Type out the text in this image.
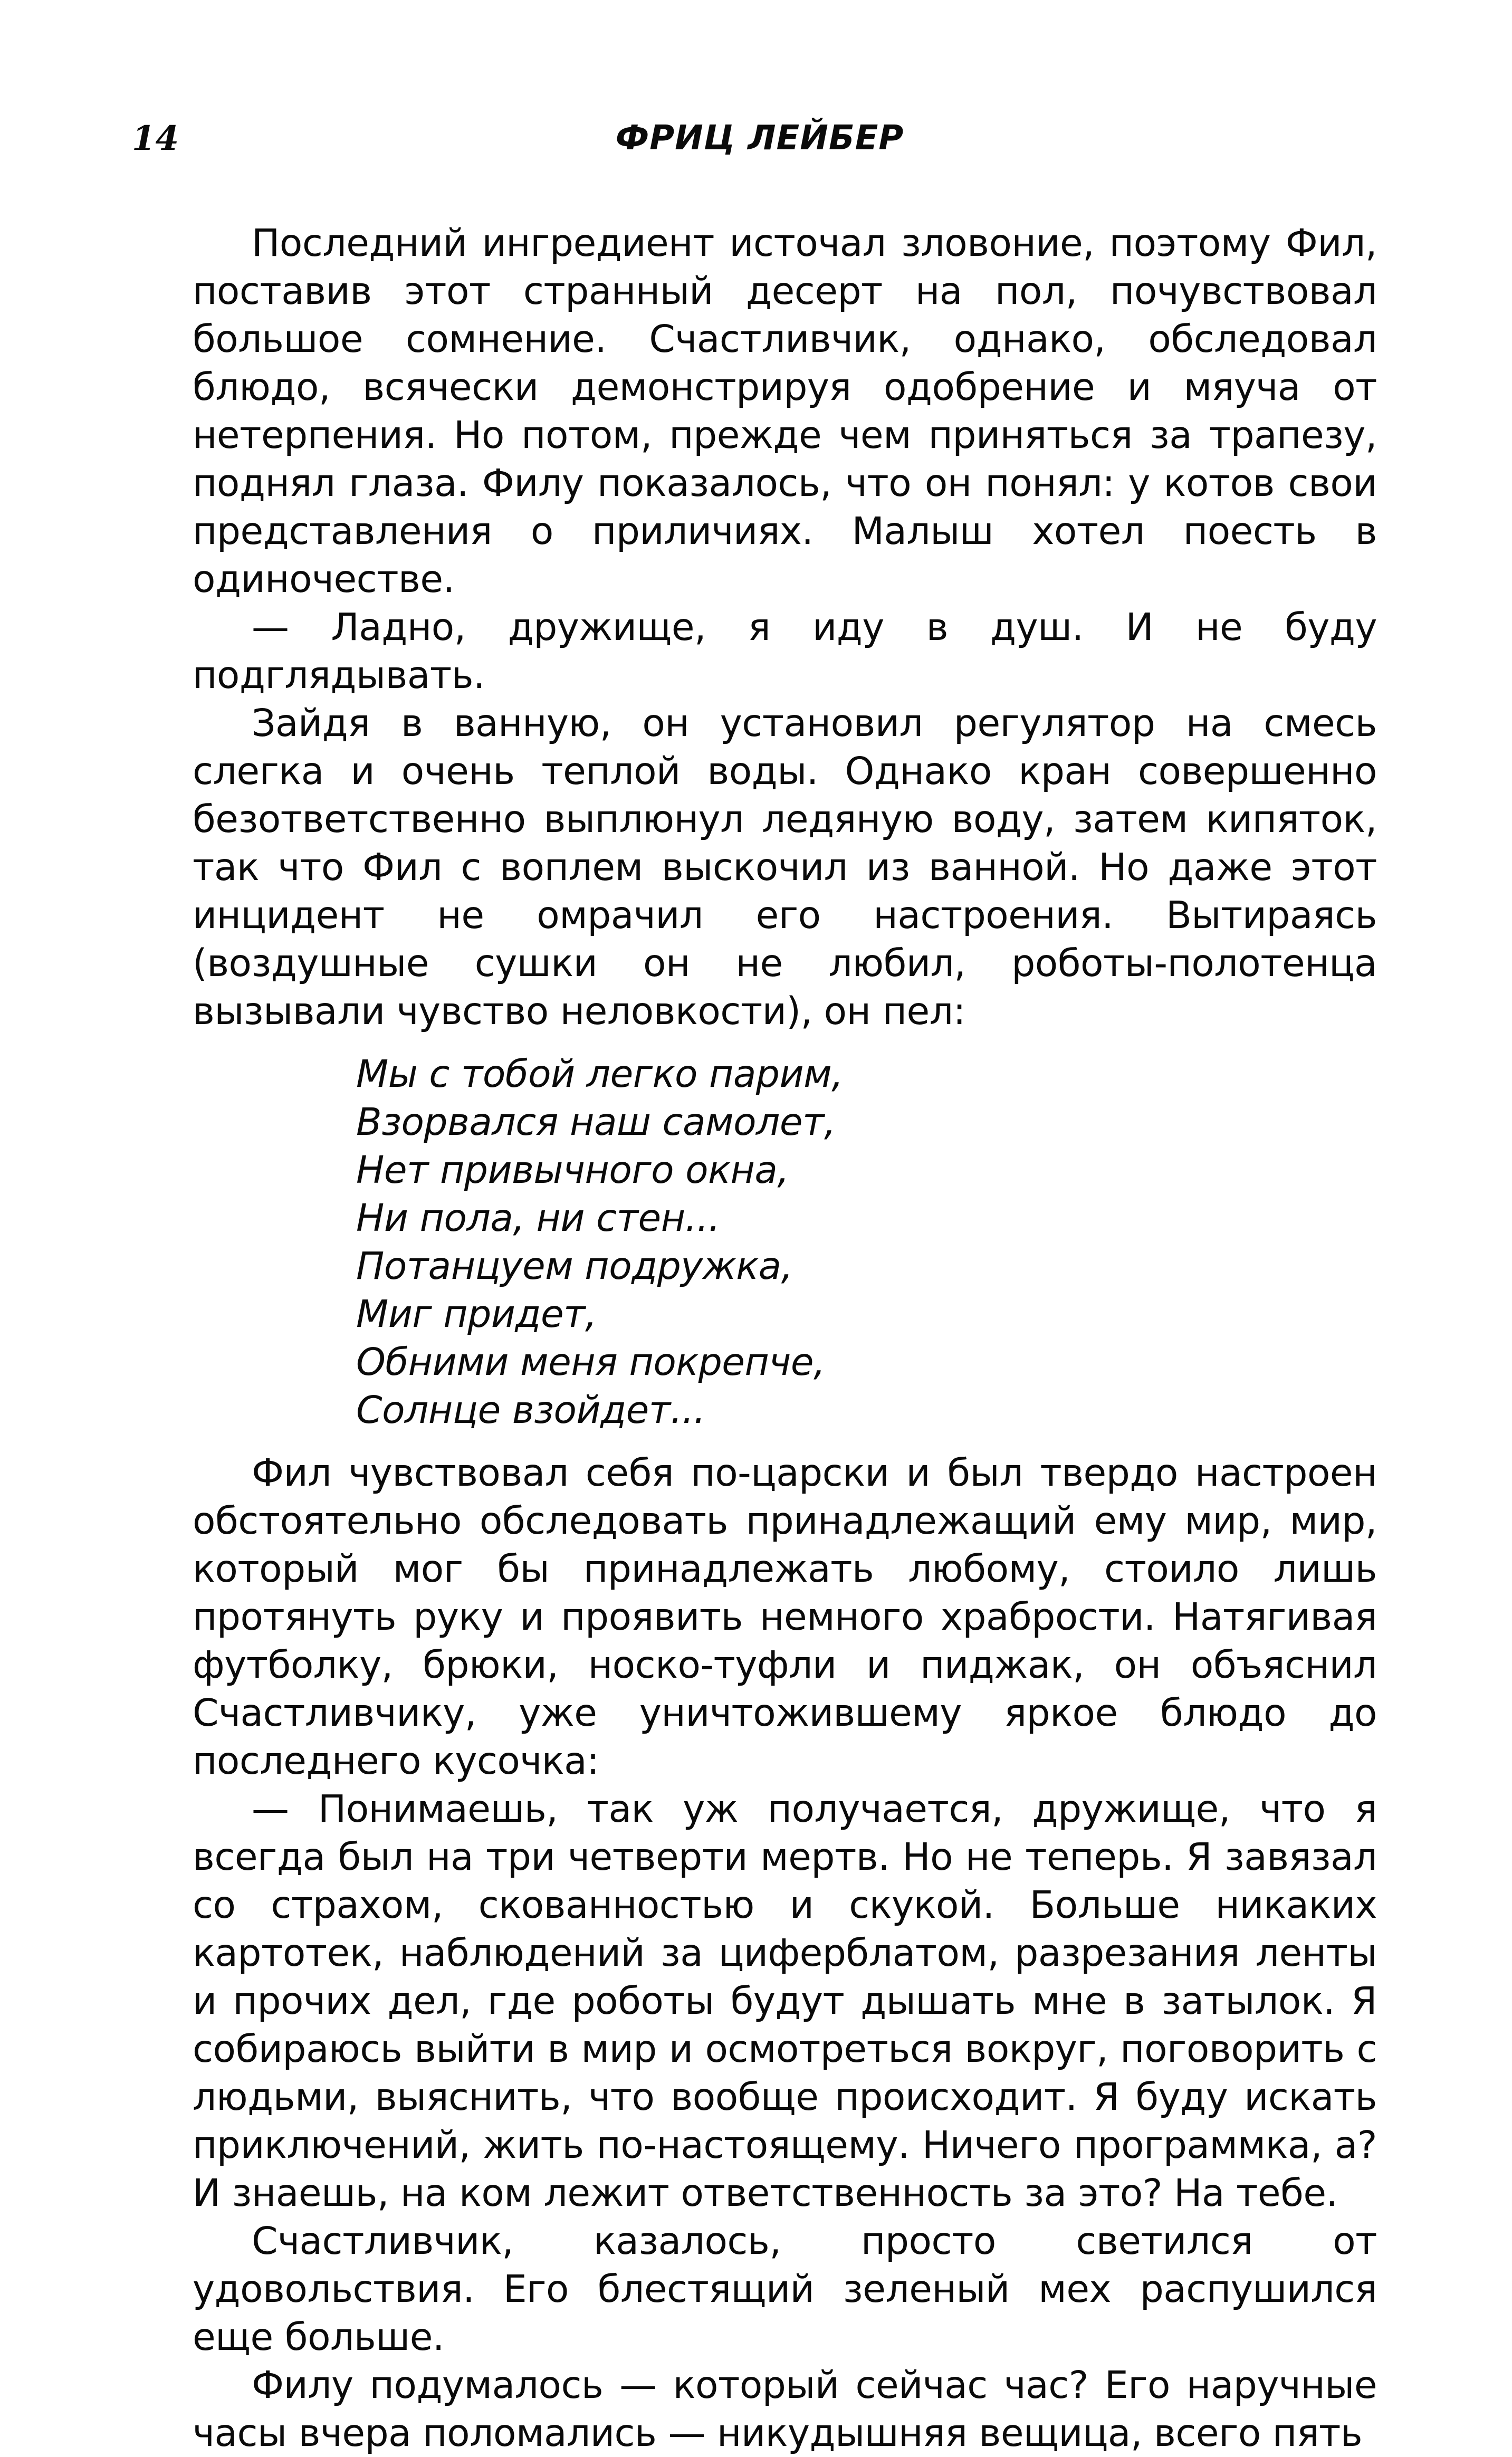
14	ФРИЦ ЛЕЙБЕР

Последний ингредиент источал зловоние, поэтому Фил, поставив этот странный десерт на пол, почувствовал большое сомнение. Счастливчик, однако, обследовал блюдо, всячески демонстрируя одобрение и мяуча от нетерпения. Но потом, прежде чем приняться за трапезу, поднял глаза. Филу показалось, что он понял: у котов свои представления о приличиях. Малыш хотел поесть в одиночестве.

— Ладно, дружище, я иду в душ. И не буду подглядывать.

Зайдя в ванную, он установил регулятор на смесь слегка и очень теплой воды. Однако кран совершенно безответственно выплюнул ледяную воду, затем кипяток, так что Фил с воплем выскочил из ванной. Но даже этот инцидент не омрачил его настроения. Вытираясь (воздушные сушки он не любил, роботы-полотенца вызывали чувство неловкости), он пел:

Мы с тобой легко парим,
Взорвался наш самолет,
Нет привычного окна,
Ни пола, ни стен...
Потанцуем подружка,
Миг придет,
Обними меня покрепче,
Солнце взойдет...

Фил чувствовал себя по-царски и был твердо настроен обстоятельно обследовать принадлежащий ему мир, мир, который мог бы принадлежать любому, стоило лишь протянуть руку и проявить немного храбрости. Натягивая футболку, брюки, носко-туфли и пиджак, он объяснил Счастливчику, уже уничтожившему яркое блюдо до последнего кусочка:

— Понимаешь, так уж получается, дружище, что я всегда был на три четверти мертв. Но не теперь. Я завязал со страхом, скованностью и скукой. Больше никаких картотек, наблюдений за циферблатом, разрезания ленты и прочих дел, где роботы будут дышать мне в затылок. Я собираюсь выйти в мир и осмотреться вокруг, поговорить с людьми, выяснить, что вообще происходит. Я буду искать приключений, жить по-настоящему. Ничего программка, а? И знаешь, на ком лежит ответственность за это? На тебе.

Счастливчик, казалось, просто светился от удовольствия. Его блестящий зеленый мех распушился еще больше.

Филу подумалось — который сейчас час? Его наручные часы вчера поломались — никудышняя вещица, всего пять
